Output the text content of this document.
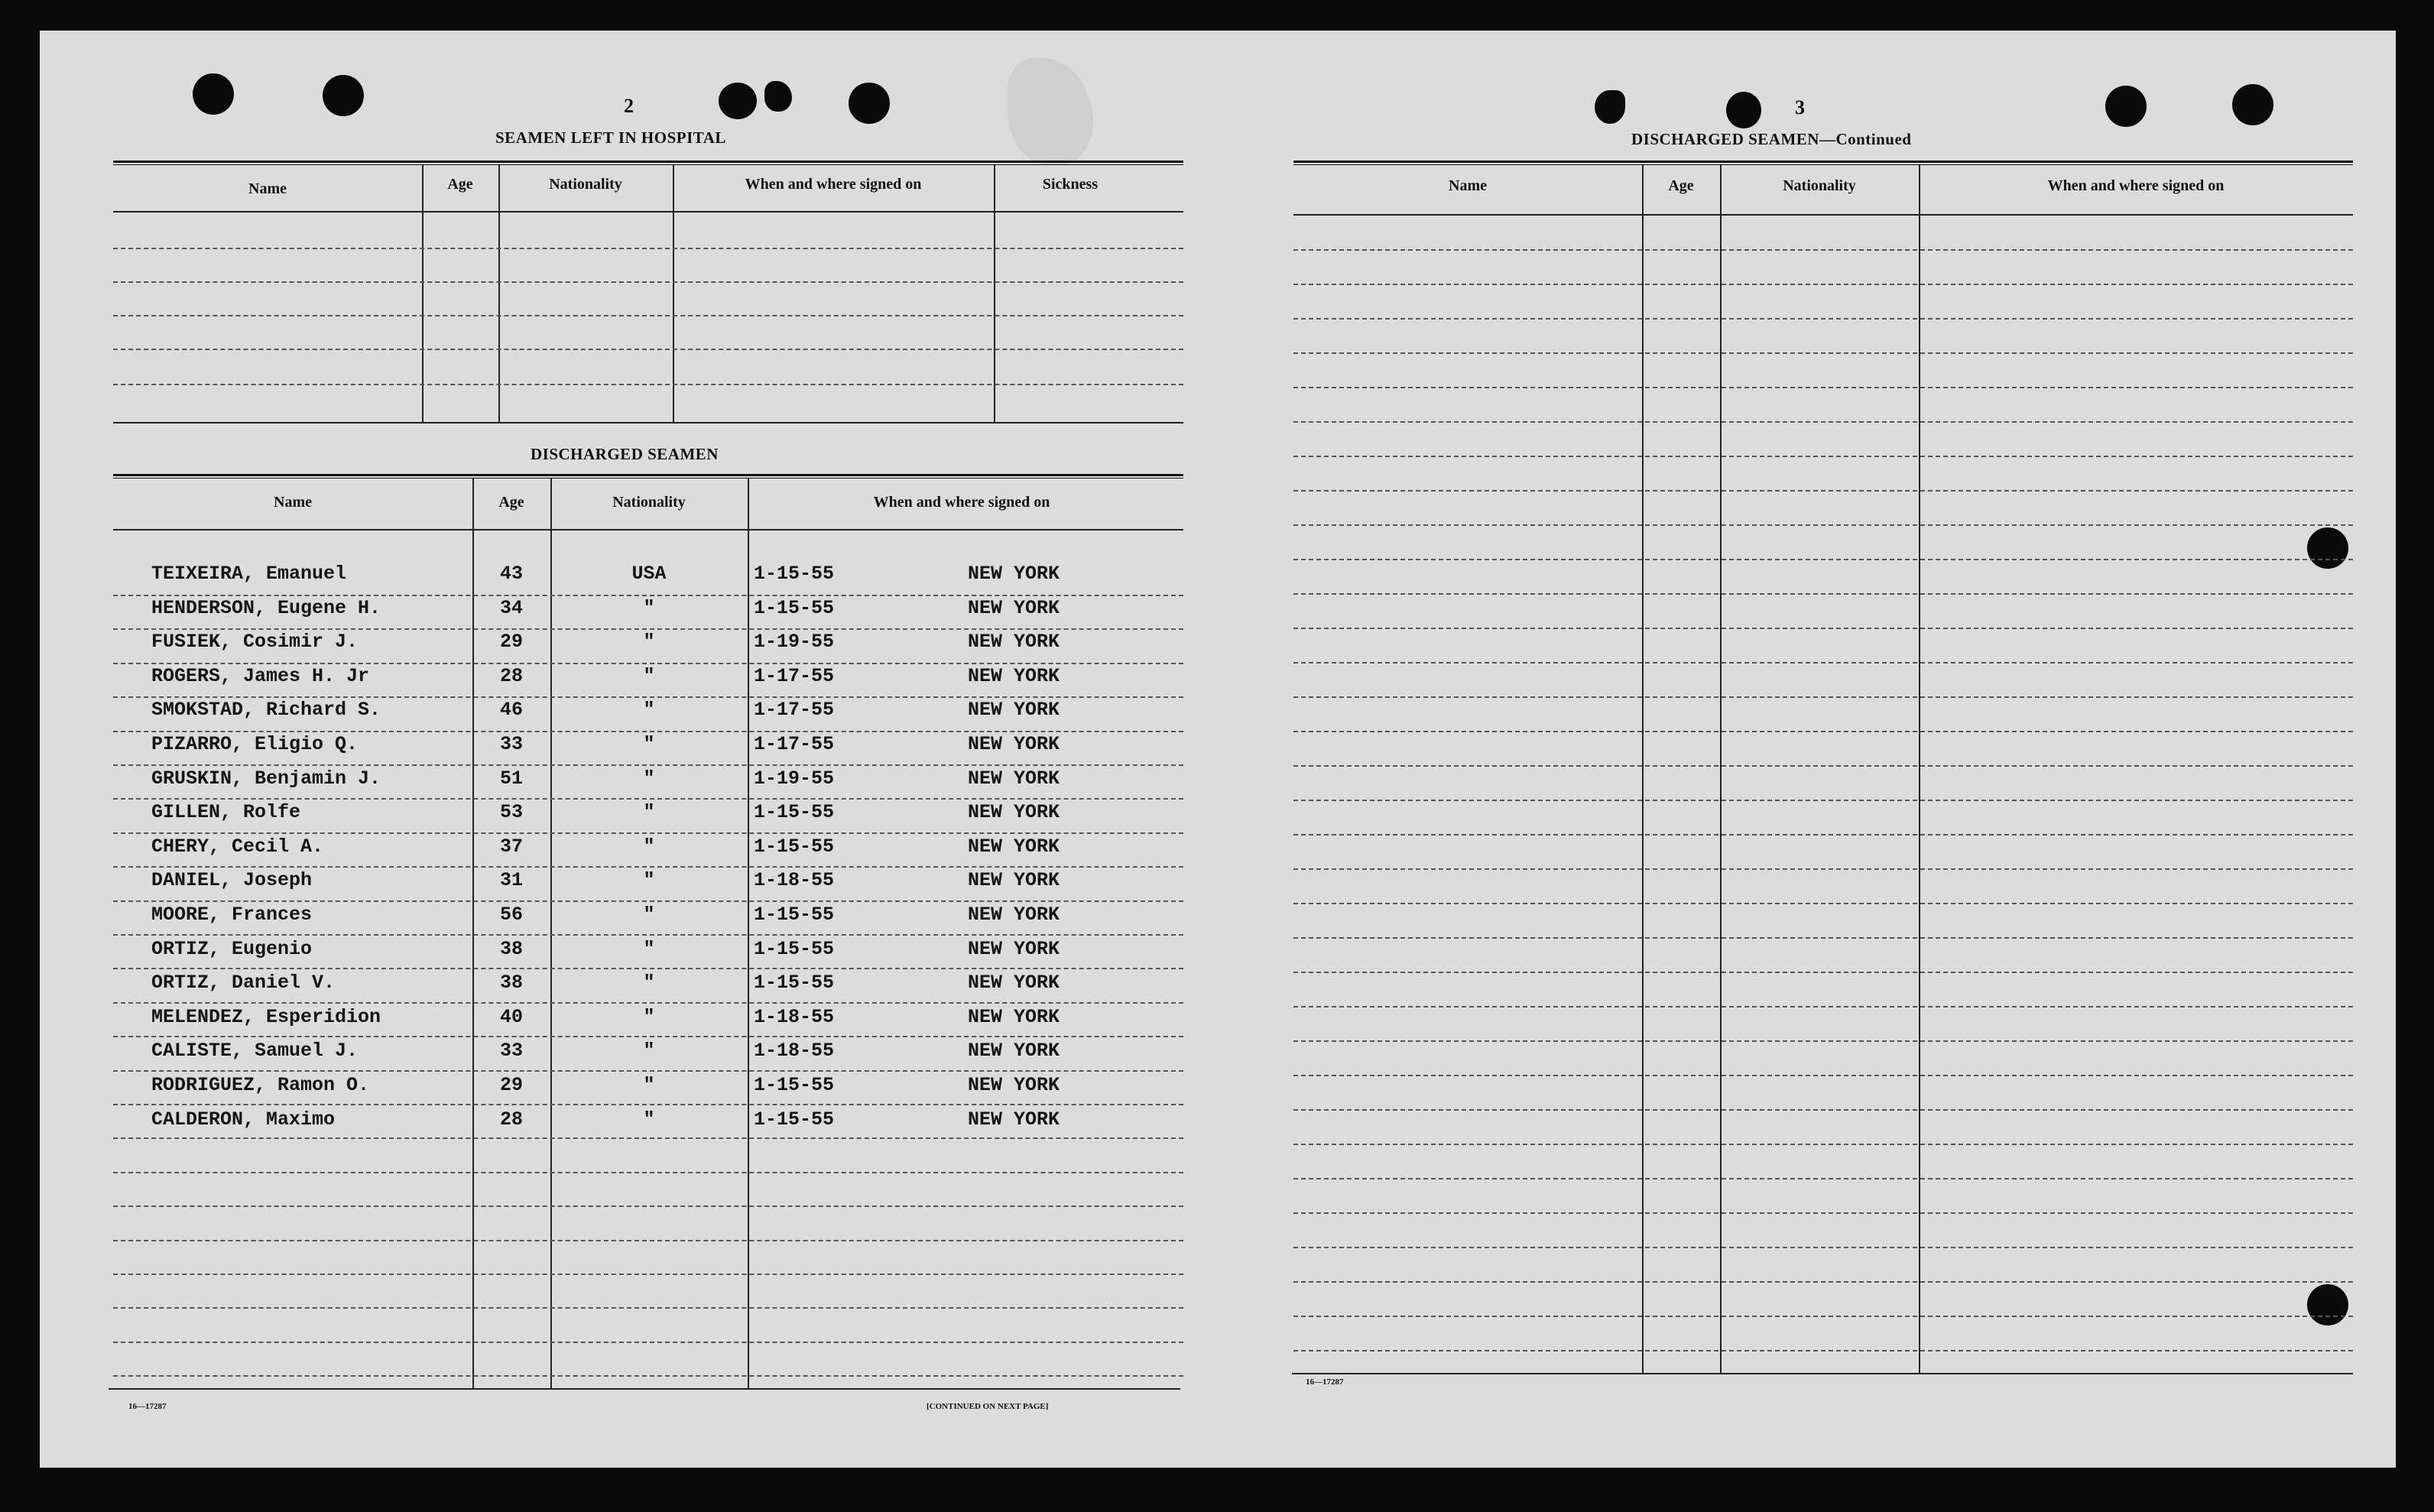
2
SEAMEN LEFT IN HOSPITAL
Name	Age	Nationality	When and where signed on	Sickness
DISCHARGED SEAMEN
Name	Age	Nationality	When and where signed on
TEIXEIRA, Emanuel	43	USA	1-15-55	NEW YORK
HENDERSON, Eugene H.	34	"	1-15-55	NEW YORK
FUSIEK, Cosimir J.	29	"	1-19-55	NEW YORK
ROGERS, James H. Jr	28	"	1-17-55	NEW YORK
SMOKSTAD, Richard S.	46	"	1-17-55	NEW YORK
PIZARRO, Eligio Q.	33	"	1-17-55	NEW YORK
GRUSKIN, Benjamin J.	51	"	1-19-55	NEW YORK
GILLEN, Rolfe	53	"	1-15-55	NEW YORK
CHERY, Cecil A.	37	"	1-15-55	NEW YORK
DANIEL, Joseph	31	"	1-18-55	NEW YORK
MOORE, Frances	56	"	1-15-55	NEW YORK
ORTIZ, Eugenio	38	"	1-15-55	NEW YORK
ORTIZ, Daniel V.	38	"	1-15-55	NEW YORK
MELENDEZ, Esperidion	40	"	1-18-55	NEW YORK
CALISTE, Samuel J.	33	"	1-18-55	NEW YORK
RODRIGUEZ, Ramon O.	29	"	1-15-55	NEW YORK
CALDERON, Maximo	28	"	1-15-55	NEW YORK
16—17287	[CONTINUED ON NEXT PAGE]
3
DISCHARGED SEAMEN—Continued
Name	Age	Nationality	When and where signed on
16—17287
